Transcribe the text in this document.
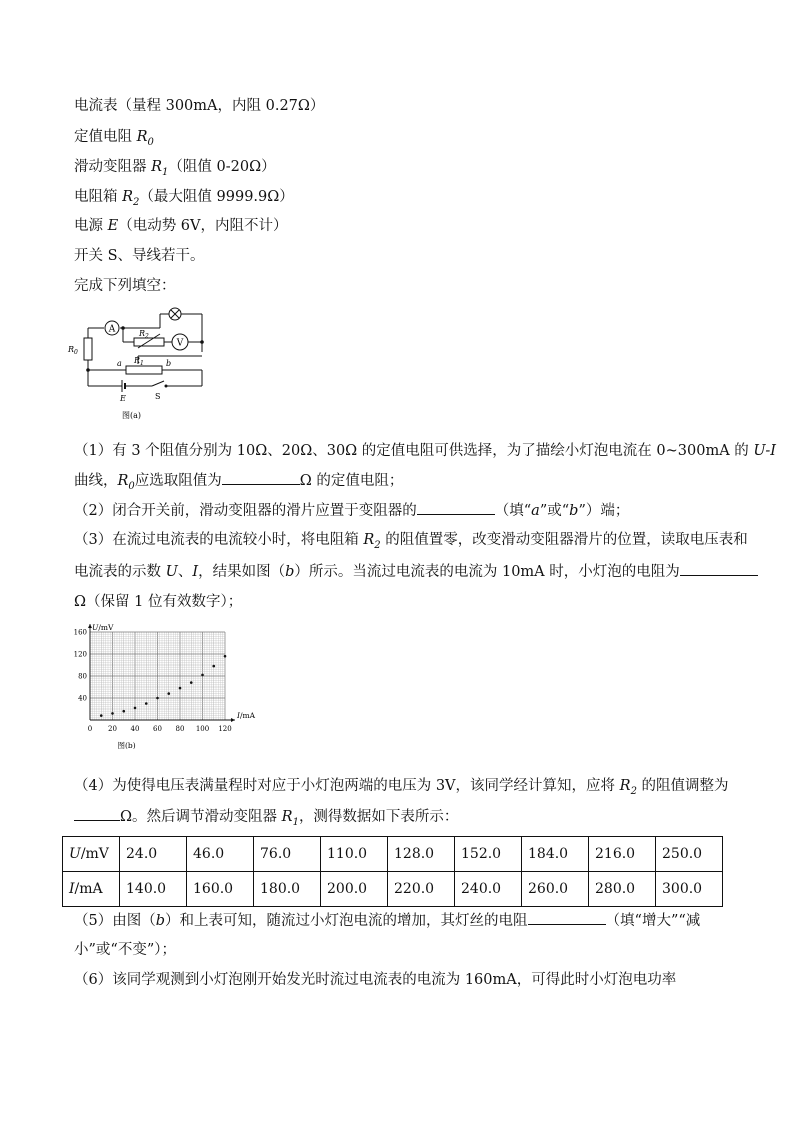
电流表（量程 300mA，内阻 0.27Ω）
定值电阻 $R_0$
滑动变阻器 $R_1$（阻值 0-20Ω）
电阻箱 $R_2$（最大阻值 9999.9Ω）
电源 E（电动势 6V，内阻不计）
开关 S、导线若干。
完成下列填空：
A
V
$R_0$
$R_2$
$R_1$
a	b
E	S
图(a)
（1）有 3 个阻值分别为 10Ω、20Ω、30Ω 的定值电阻可供选择，为了描绘小灯泡电流在 0~300mA 的 U-I
曲线，$R_0$应选取阻值为	Ω 的定值电阻；
（2）闭合开关前，滑动变阻器的滑片应置于变阻器的	（填“a”或“b”）端；
（3）在流过电流表的电流较小时，将电阻箱 $R_2$ 的阻值置零，改变滑动变阻器滑片的位置，读取电压表和
电流表的示数 U、I，结果如图（b）所示。当流过电流表的电流为 10mA 时，小灯泡的电阻为
Ω（保留 1 位有效数字）；
0 20 40 60 80 100 120
40
80
120
160
U/mV
I/mA
图(b)
（4）为使得电压表满量程时对应于小灯泡两端的电压为 3V，该同学经计算知，应将 $R_2$ 的阻值调整为
Ω。然后调节滑动变阻器 $R_1$，测得数据如下表所示：
U/mV	24.0	46.0	76.0	110.0	128.0	152.0	184.0	216.0	250.0
I/mA	140.0	160.0	180.0	200.0	220.0	240.0	260.0	280.0	300.0
（5）由图（b）和上表可知，随流过小灯泡电流的增加，其灯丝的电阻	（填“增大”“减
小”或“不变”）；
（6）该同学观测到小灯泡刚开始发光时流过电流表的电流为 160mA，可得此时小灯泡电功率
